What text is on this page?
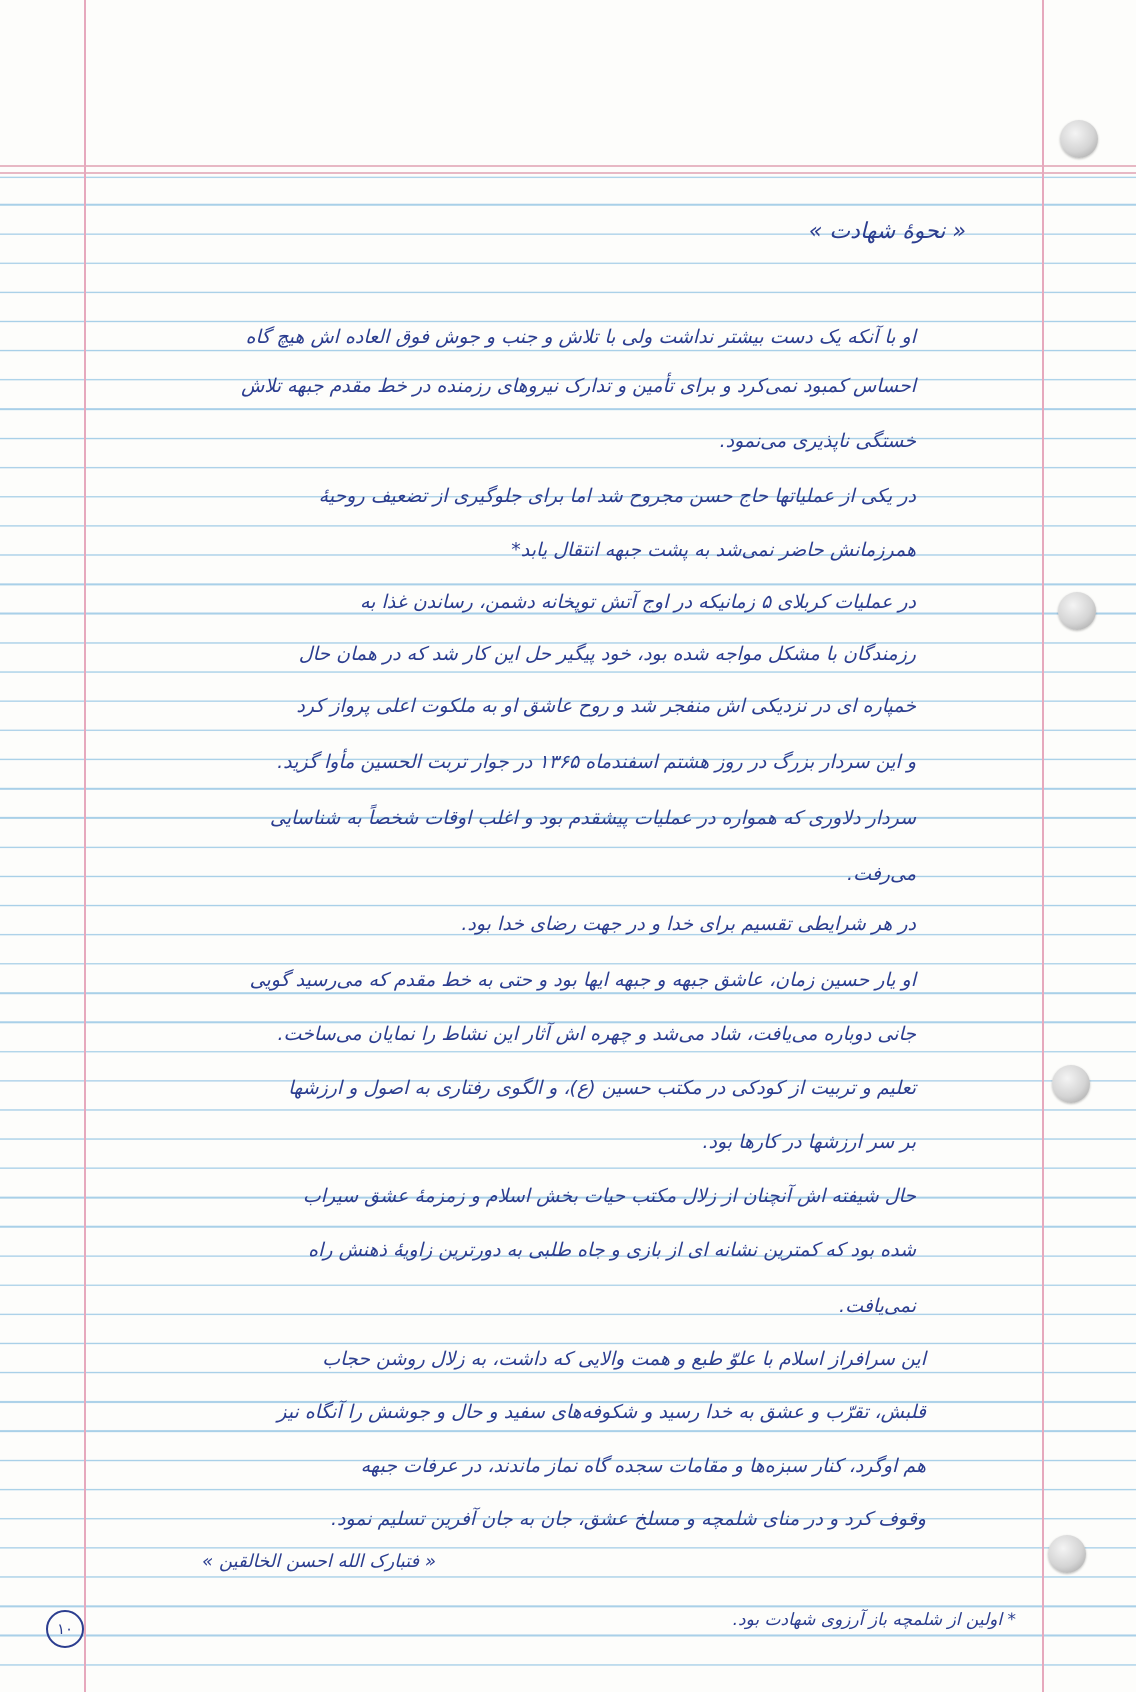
« نحوهٔ شهادت »
او با آنکه یک دست بیشتر نداشت ولی با تلاش و جنب و جوش فوق العاده اش هیچ گاه
احساس کمبود نمی‌کرد و برای تأمین و تدارک نیروهای رزمنده در خط مقدم جبهه تلاش
خستگی ناپذیری می‌نمود.
در یکی از عملیاتها حاج حسن مجروح شد اما برای جلوگیری از تضعیف روحیهٔ
همرزمانش حاضر نمی‌شد به پشت جبهه انتقال یابد*
در عملیات کربلای ۵ زمانیکه در اوج آتش توپخانه دشمن، رساندن غذا به
رزمندگان با مشکل مواجه شده بود، خود پیگیر حل این کار شد که در همان حال
خمپاره ای در نزدیکی اش منفجر شد و روح عاشق او به ملکوت اعلی پرواز کرد
و این سردار بزرگ در روز هشتم اسفندماه ۱۳۶۵ در جوار تربت الحسین مأوا گزید.
سردار دلاوری که همواره در عملیات پیشقدم بود و اغلب اوقات شخصاً به شناسایی
می‌رفت.
در هر شرایطی تقسیم برای خدا و در جهت رضای خدا بود.
او یار حسین زمان، عاشق جبهه و جبهه ایها بود و حتی به خط مقدم که می‌رسید گویی
جانی دوباره می‌یافت، شاد می‌شد و چهره اش آثار این نشاط را نمایان می‌ساخت.
تعلیم و تربیت از کودکی در مکتب حسین (ع)، و الگوی رفتاری به اصول و ارزشها
بر سر ارزشها در کارها بود.
حال شیفته اش آنچنان از زلال مکتب حیات بخش اسلام و زمزمهٔ عشق سیراب
شده بود که کمترین نشانه ای از بازی و جاه طلبی به دورترین زاویهٔ ذهنش راه
نمی‌یافت.
این سرافراز اسلام با علوّ طبع و همت والایی که داشت، به زلال روشن حجاب
قلبش، تقرّب و عشق به خدا رسید و شکوفه‌های سفید و حال و جوشش را آنگاه نیز
هم اوگرد، کنار سبزه‌ها و مقامات سجده گاه نماز ماندند، در عرفات جبهه
وقوف کرد و در منای شلمچه و مسلخ عشق، جان به جان آفرین تسلیم نمود.
« فتبارک الله احسن الخالقین »
* اولین از شلمچه باز آرزوی شهادت بود.
۱۰
